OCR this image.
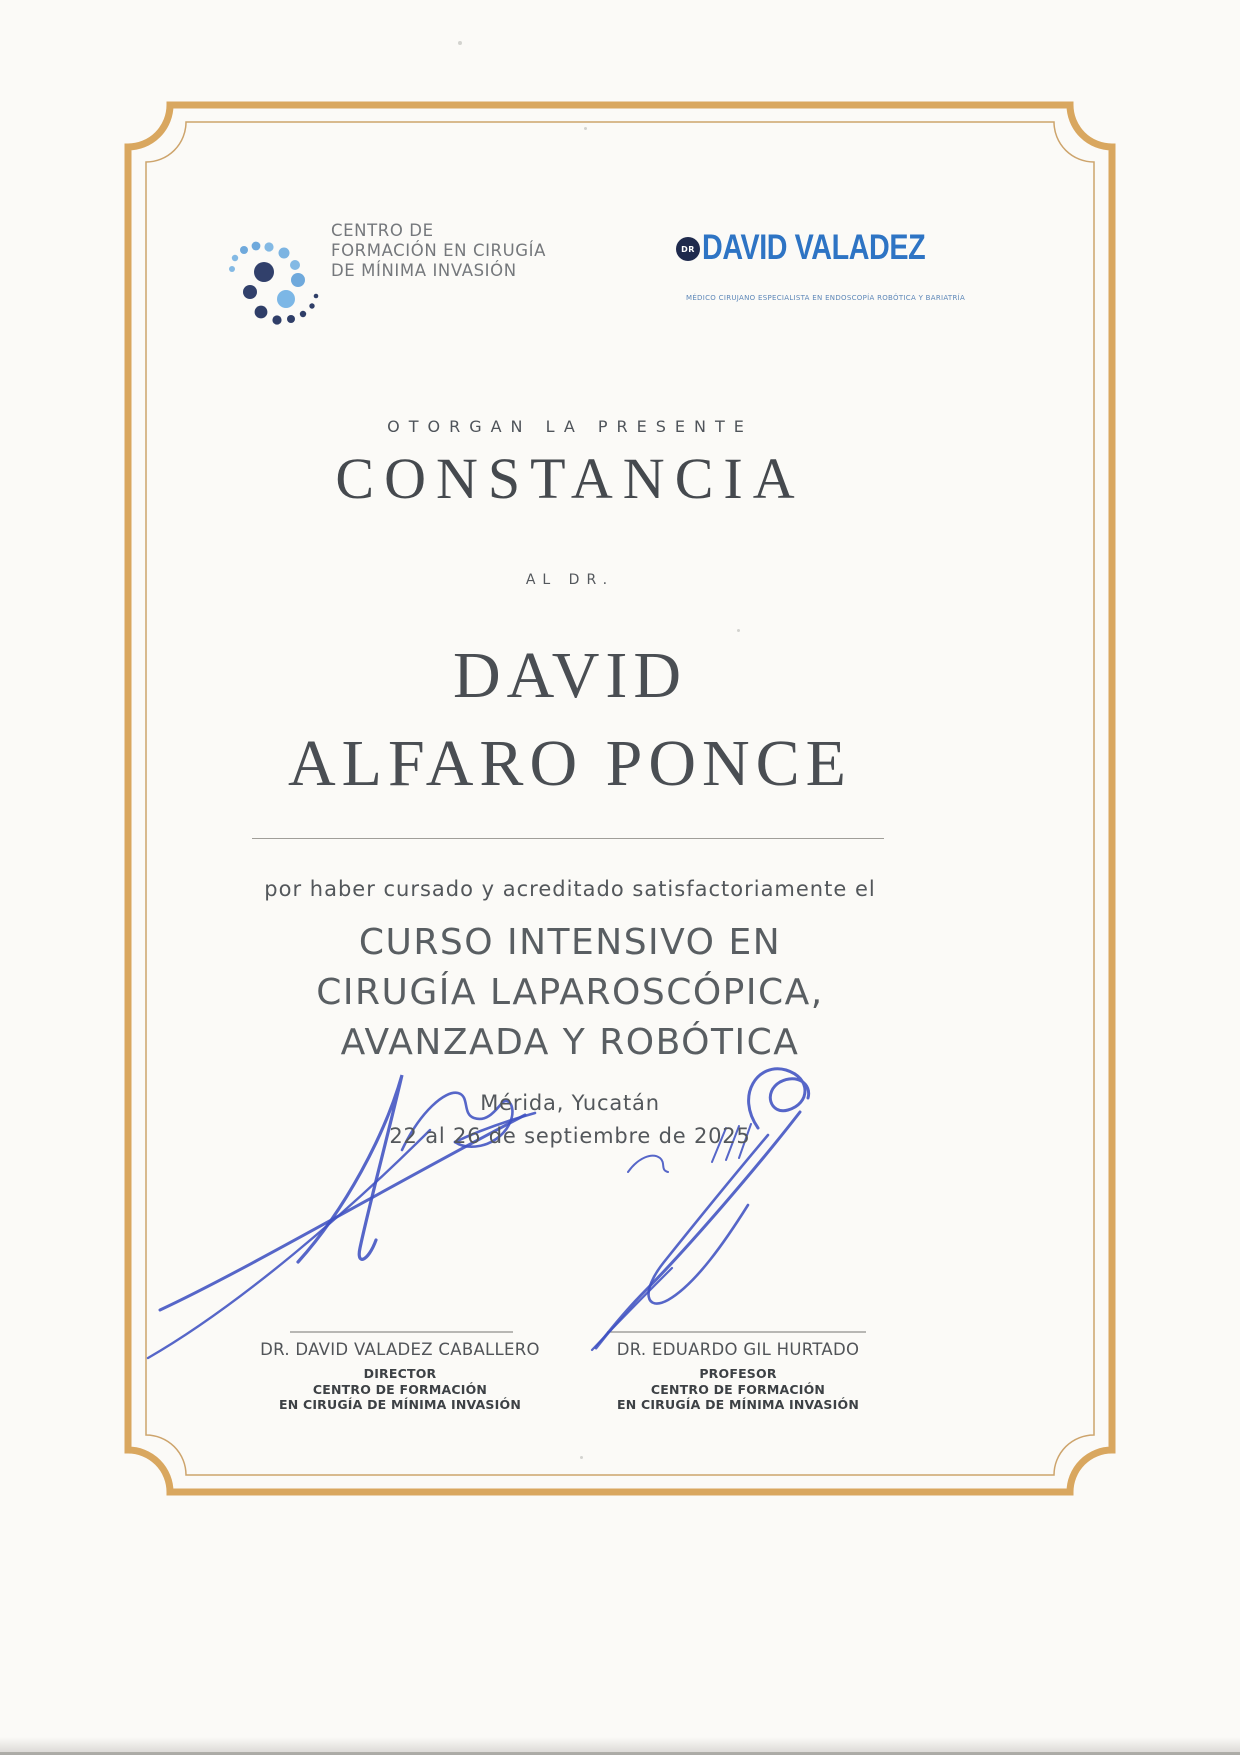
CENTRO DE
FORMACIÓN EN CIRUGÍA
DE MÍNIMA INVASIÓN
DR DAVID VALADEZ
MÉDICO CIRUJANO ESPECIALISTA EN ENDOSCOPÍA ROBÓTICA Y BARIATRÍA
OTORGAN LA PRESENTE
CONSTANCIA
AL DR.
DAVID
ALFARO PONCE
por haber cursado y acreditado satisfactoriamente el
CURSO INTENSIVO EN
CIRUGÍA LAPAROSCÓPICA,
AVANZADA Y ROBÓTICA
Mérida, Yucatán
22 al 26 de septiembre de 2025
DR. DAVID VALADEZ CABALLERO
DIRECTOR
CENTRO DE FORMACIÓN
EN CIRUGÍA DE MÍNIMA INVASIÓN
DR. EDUARDO GIL HURTADO
PROFESOR
CENTRO DE FORMACIÓN
EN CIRUGÍA DE MÍNIMA INVASIÓN
